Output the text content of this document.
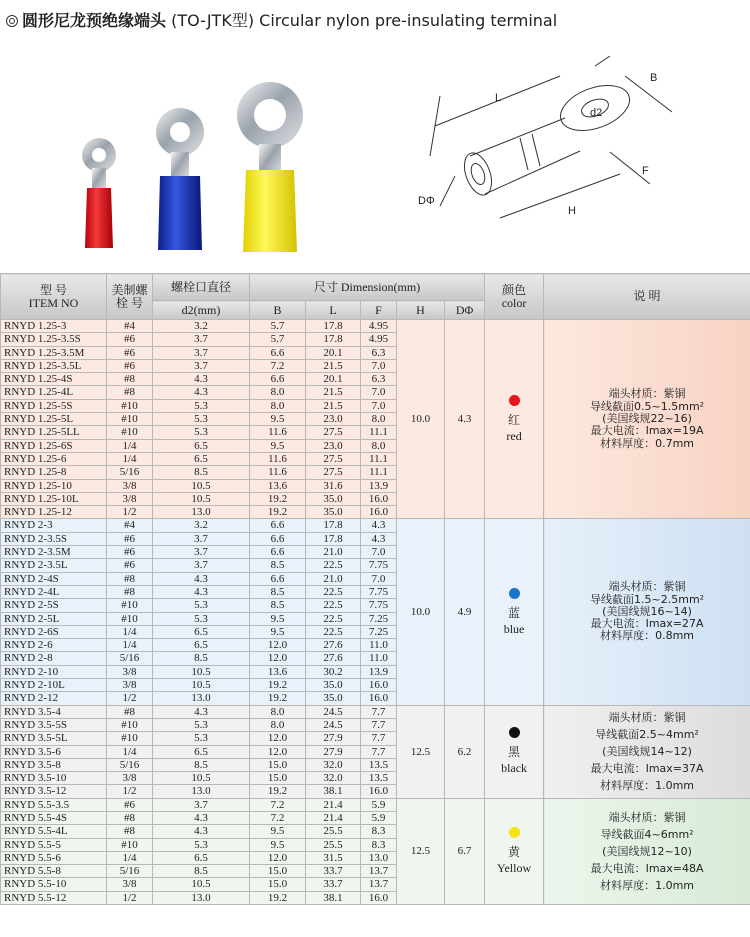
圆形尼龙预绝缘端头 (TO-JTK型) Circular nylon pre-insulating terminal
L
B
d2
F
H
DΦ
型 号
ITEM NO	美制螺
栓 号	螺栓口直径	尺寸 Dimension(mm)					颜色
color	说 明
		d2(mm)	B	L	F	H	DΦ		
RNYD 1.25-3	#4	3.2	5.7	17.8	4.95	10.0	4.3	红
red	端头材质：紫铜
导线截面0.5~1.5mm²
(美国线规22~16)
最大电流：Imax=19A
材料厚度：0.7mm

RNYD 1.25-3.5S	#6	3.7	5.7	17.8	4.95				
RNYD 1.25-3.5M	#6	3.7	6.6	20.1	6.3				
RNYD 1.25-3.5L	#6	3.7	7.2	21.5	7.0				
RNYD 1.25-4S	#8	4.3	6.6	20.1	6.3				
RNYD 1.25-4L	#8	4.3	8.0	21.5	7.0				
RNYD 1.25-5S	#10	5.3	8.0	21.5	7.0				
RNYD 1.25-5L	#10	5.3	9.5	23.0	8.0				
RNYD 1.25-5LL	#10	5.3	11.6	27.5	11.1				
RNYD 1.25-6S	1/4	6.5	9.5	23.0	8.0				
RNYD 1.25-6	1/4	6.5	11.6	27.5	11.1				
RNYD 1.25-8	5/16	8.5	11.6	27.5	11.1				
RNYD 1.25-10	3/8	10.5	13.6	31.6	13.9				
RNYD 1.25-10L	3/8	10.5	19.2	35.0	16.0				
RNYD 1.25-12	1/2	13.0	19.2	35.0	16.0				
RNYD 2-3	#4	3.2	6.6	17.8	4.3	10.0	4.9	蓝
blue	端头材质：紫铜
导线截面1.5~2.5mm²
(美国线规16~14)
最大电流：Imax=27A
材料厚度：0.8mm

RNYD 2-3.5S	#6	3.7	6.6	17.8	4.3				
RNYD 2-3.5M	#6	3.7	6.6	21.0	7.0				
RNYD 2-3.5L	#6	3.7	8.5	22.5	7.75				
RNYD 2-4S	#8	4.3	6.6	21.0	7.0				
RNYD 2-4L	#8	4.3	8.5	22.5	7.75				
RNYD 2-5S	#10	5.3	8.5	22.5	7.75				
RNYD 2-5L	#10	5.3	9.5	22.5	7.25				
RNYD 2-6S	1/4	6.5	9.5	22.5	7.25				
RNYD 2-6	1/4	6.5	12.0	27.6	11.0				
RNYD 2-8	5/16	8.5	12.0	27.6	11.0				
RNYD 2-10	3/8	10.5	13.6	30.2	13.9				
RNYD 2-10L	3/8	10.5	19.2	35.0	16.0				
RNYD 2-12	1/2	13.0	19.2	35.0	16.0				
RNYD 3.5-4	#8	4.3	8.0	24.5	7.7	12.5	6.2	黑
black	端头材质：紫铜
导线截面2.5~4mm²
(美国线规14~12)
最大电流：Imax=37A
材料厚度：1.0mm

RNYD 3.5-5S	#10	5.3	8.0	24.5	7.7				
RNYD 3.5-5L	#10	5.3	12.0	27.9	7.7				
RNYD 3.5-6	1/4	6.5	12.0	27.9	7.7				
RNYD 3.5-8	5/16	8.5	15.0	32.0	13.5				
RNYD 3.5-10	3/8	10.5	15.0	32.0	13.5				
RNYD 3.5-12	1/2	13.0	19.2	38.1	16.0				
RNYD 5.5-3.5	#6	3.7	7.2	21.4	5.9	12.5	6.7	黄
Yellow	端头材质：紫铜
导线截面4~6mm²
(美国线规12~10)
最大电流：Imax=48A
材料厚度：1.0mm

RNYD 5.5-4S	#8	4.3	7.2	21.4	5.9				
RNYD 5.5-4L	#8	4.3	9.5	25.5	8.3				
RNYD 5.5-5	#10	5.3	9.5	25.5	8.3				
RNYD 5.5-6	1/4	6.5	12.0	31.5	13.0				
RNYD 5.5-8	5/16	8.5	15.0	33.7	13.7				
RNYD 5.5-10	3/8	10.5	15.0	33.7	13.7				
RNYD 5.5-12	1/2	13.0	19.2	38.1	16.0				
